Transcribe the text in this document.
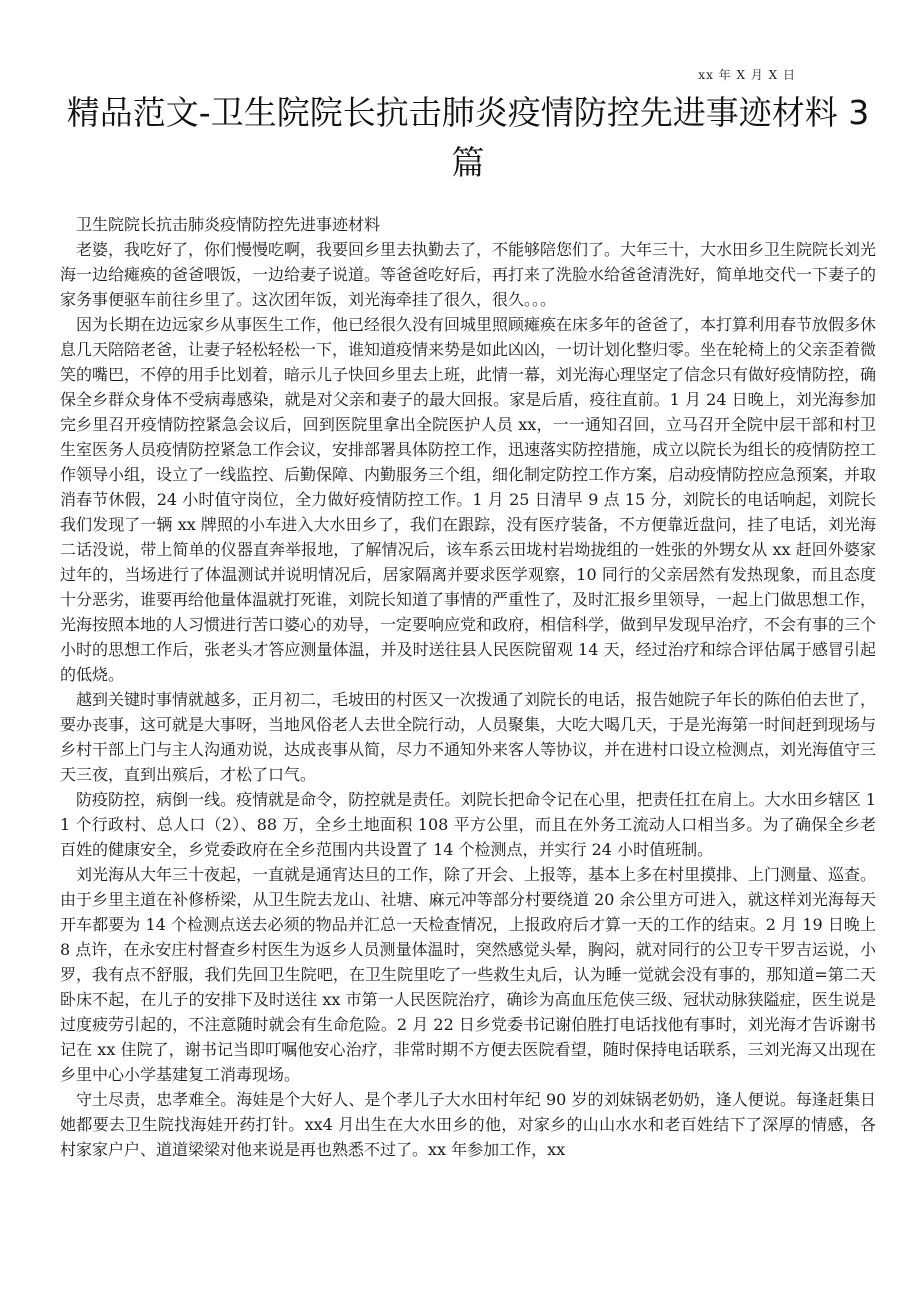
xx 年 X 月 X 日
精品范文-卫生院院长抗击肺炎疫情防控先进事迹材料 3 篇

卫生院院长抗击肺炎疫情防控先进事迹材料

老婆，我吃好了，你们慢慢吃啊，我要回乡里去执勤去了，不能够陪您们了。大年三十，大水田乡卫生院院长刘光海一边给瘫痪的爸爸喂饭，一边给妻子说道。等爸爸吃好后，再打来了洗脸水给爸爸清洗好，简单地交代一下妻子的家务事便驱车前往乡里了。这次团年饭，刘光海牵挂了很久，很久。。。

因为长期在边远家乡从事医生工作，他已经很久没有回城里照顾瘫痪在床多年的爸爸了，本打算利用春节放假多休息几天陪陪老爸，让妻子轻松轻松一下，谁知道疫情来势是如此凶凶，一切计划化整归零。坐在轮椅上的父亲歪着微笑的嘴巴，不停的用手比划着，暗示儿子快回乡里去上班，此情一幕，刘光海心理坚定了信念只有做好疫情防控，确保全乡群众身体不受病毒感染，就是对父亲和妻子的最大回报。家是后盾，疫往直前。1 月 24 日晚上，刘光海参加完乡里召开疫情防控紧急会议后，回到医院里拿出全院医护人员 xx，一一通知召回，立马召开全院中层干部和村卫生室医务人员疫情防控紧急工作会议，安排部署具体防控工作，迅速落实防控措施，成立以院长为组长的疫情防控工作领导小组，设立了一线监控、后勤保障、内勤服务三个组，细化制定防控工作方案，启动疫情防控应急预案，并取消春节休假，24 小时值守岗位，全力做好疫情防控工作。1 月 25 日清早 9 点 15 分，刘院长的电话响起，刘院长我们发现了一辆 xx 牌照的小车进入大水田乡了，我们在跟踪，没有医疗装备，不方便靠近盘问，挂了电话，刘光海二话没说，带上简单的仪器直奔举报地，了解情况后，该车系云田垅村岩坳拢组的一姓张的外甥女从 xx 赶回外婆家过年的，当场进行了体温测试并说明情况后，居家隔离并要求医学观察，10 同行的父亲居然有发热现象，而且态度十分恶劣，谁要再给他量体温就打死谁，刘院长知道了事情的严重性了，及时汇报乡里领导，一起上门做思想工作，光海按照本地的人习惯进行苦口婆心的劝导，一定要响应党和政府，相信科学，做到早发现早治疗，不会有事的三个小时的思想工作后，张老头才答应测量体温，并及时送往县人民医院留观 14 天，经过治疗和综合评估属于感冒引起的低烧。

越到关键时事情就越多，正月初二，毛坡田的村医又一次拨通了刘院长的电话，报告她院子年长的陈伯伯去世了，要办丧事，这可就是大事呀，当地风俗老人去世全院行动，人员聚集，大吃大喝几天，于是光海第一时间赶到现场与乡村干部上门与主人沟通劝说，达成丧事从简，尽力不通知外来客人等协议，并在进村口设立检测点，刘光海值守三天三夜，直到出殡后，才松了口气。

防疫防控，病倒一线。疫情就是命令，防控就是责任。刘院长把命令记在心里，把责任扛在肩上。大水田乡辖区 11 个行政村、总人口（2）、88 万，全乡土地面积 108 平方公里，而且在外务工流动人口相当多。为了确保全乡老百姓的健康安全，乡党委政府在全乡范围内共设置了 14 个检测点，并实行 24 小时值班制。

刘光海从大年三十夜起，一直就是通宵达旦的工作，除了开会、上报等，基本上多在村里摸排、上门测量、巡查。由于乡里主道在补修桥梁，从卫生院去龙山、社塘、麻元冲等部分村要绕道 20 余公里方可进入，就这样刘光海每天开车都要为 14 个检测点送去必须的物品并汇总一天检查情况，上报政府后才算一天的工作的结束。2 月 19 日晚上 8 点许，在永安庄村督查乡村医生为返乡人员测量体温时，突然感觉头晕，胸闷，就对同行的公卫专干罗吉运说，小罗，我有点不舒服，我们先回卫生院吧，在卫生院里吃了一些救生丸后，认为睡一觉就会没有事的，那知道=第二天卧床不起，在儿子的安排下及时送往 xx 市第一人民医院治疗，确诊为高血压危侠三级、冠状动脉狭隘症，医生说是过度疲劳引起的，不注意随时就会有生命危险。2 月 22 日乡党委书记谢伯胜打电话找他有事时，刘光海才告诉谢书记在 xx 住院了，谢书记当即叮嘱他安心治疗，非常时期不方便去医院看望，随时保持电话联系，三刘光海又出现在乡里中心小学基建复工消毒现场。

守土尽责，忠孝难全。海娃是个大好人、是个孝儿子大水田村年纪 90 岁的刘妹锅老奶奶，逢人便说。每逢赶集日她都要去卫生院找海娃开药打针。xx4 月出生在大水田乡的他，对家乡的山山水水和老百姓结下了深厚的情感，各村家家户户、道道梁梁对他来说是再也熟悉不过了。xx 年参加工作，xx
